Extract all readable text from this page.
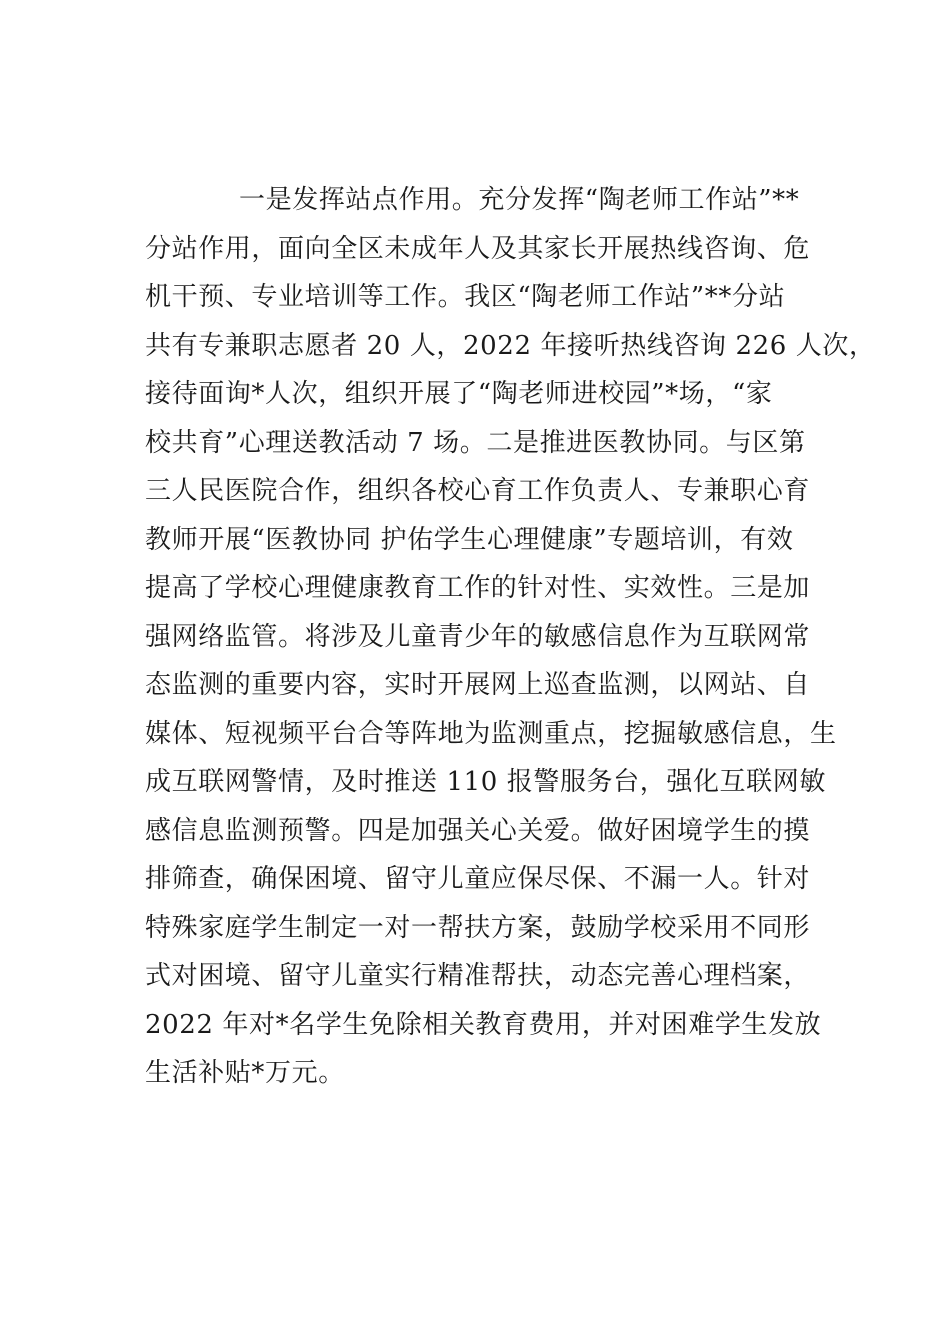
一是发挥站点作用。充分发挥“陶老师工作站”**
分站作用，面向全区未成年人及其家长开展热线咨询、危
机干预、专业培训等工作。我区“陶老师工作站”**分站
共有专兼职志愿者 20 人，2022 年接听热线咨询 226 人次，
接待面询*人次，组织开展了“陶老师进校园”*场，“家
校共育”心理送教活动 7 场。二是推进医教协同。与区第
三人民医院合作，组织各校心育工作负责人、专兼职心育
教师开展“医教协同 护佑学生心理健康”专题培训，有效
提高了学校心理健康教育工作的针对性、实效性。三是加
强网络监管。将涉及儿童青少年的敏感信息作为互联网常
态监测的重要内容，实时开展网上巡查监测，以网站、自
媒体、短视频平台合等阵地为监测重点，挖掘敏感信息，生
成互联网警情，及时推送 110 报警服务台，强化互联网敏
感信息监测预警。四是加强关心关爱。做好困境学生的摸
排筛查，确保困境、留守儿童应保尽保、不漏一人。针对
特殊家庭学生制定一对一帮扶方案，鼓励学校采用不同形
式对困境、留守儿童实行精准帮扶，动态完善心理档案，
2022 年对*名学生免除相关教育费用，并对困难学生发放
生活补贴*万元。
